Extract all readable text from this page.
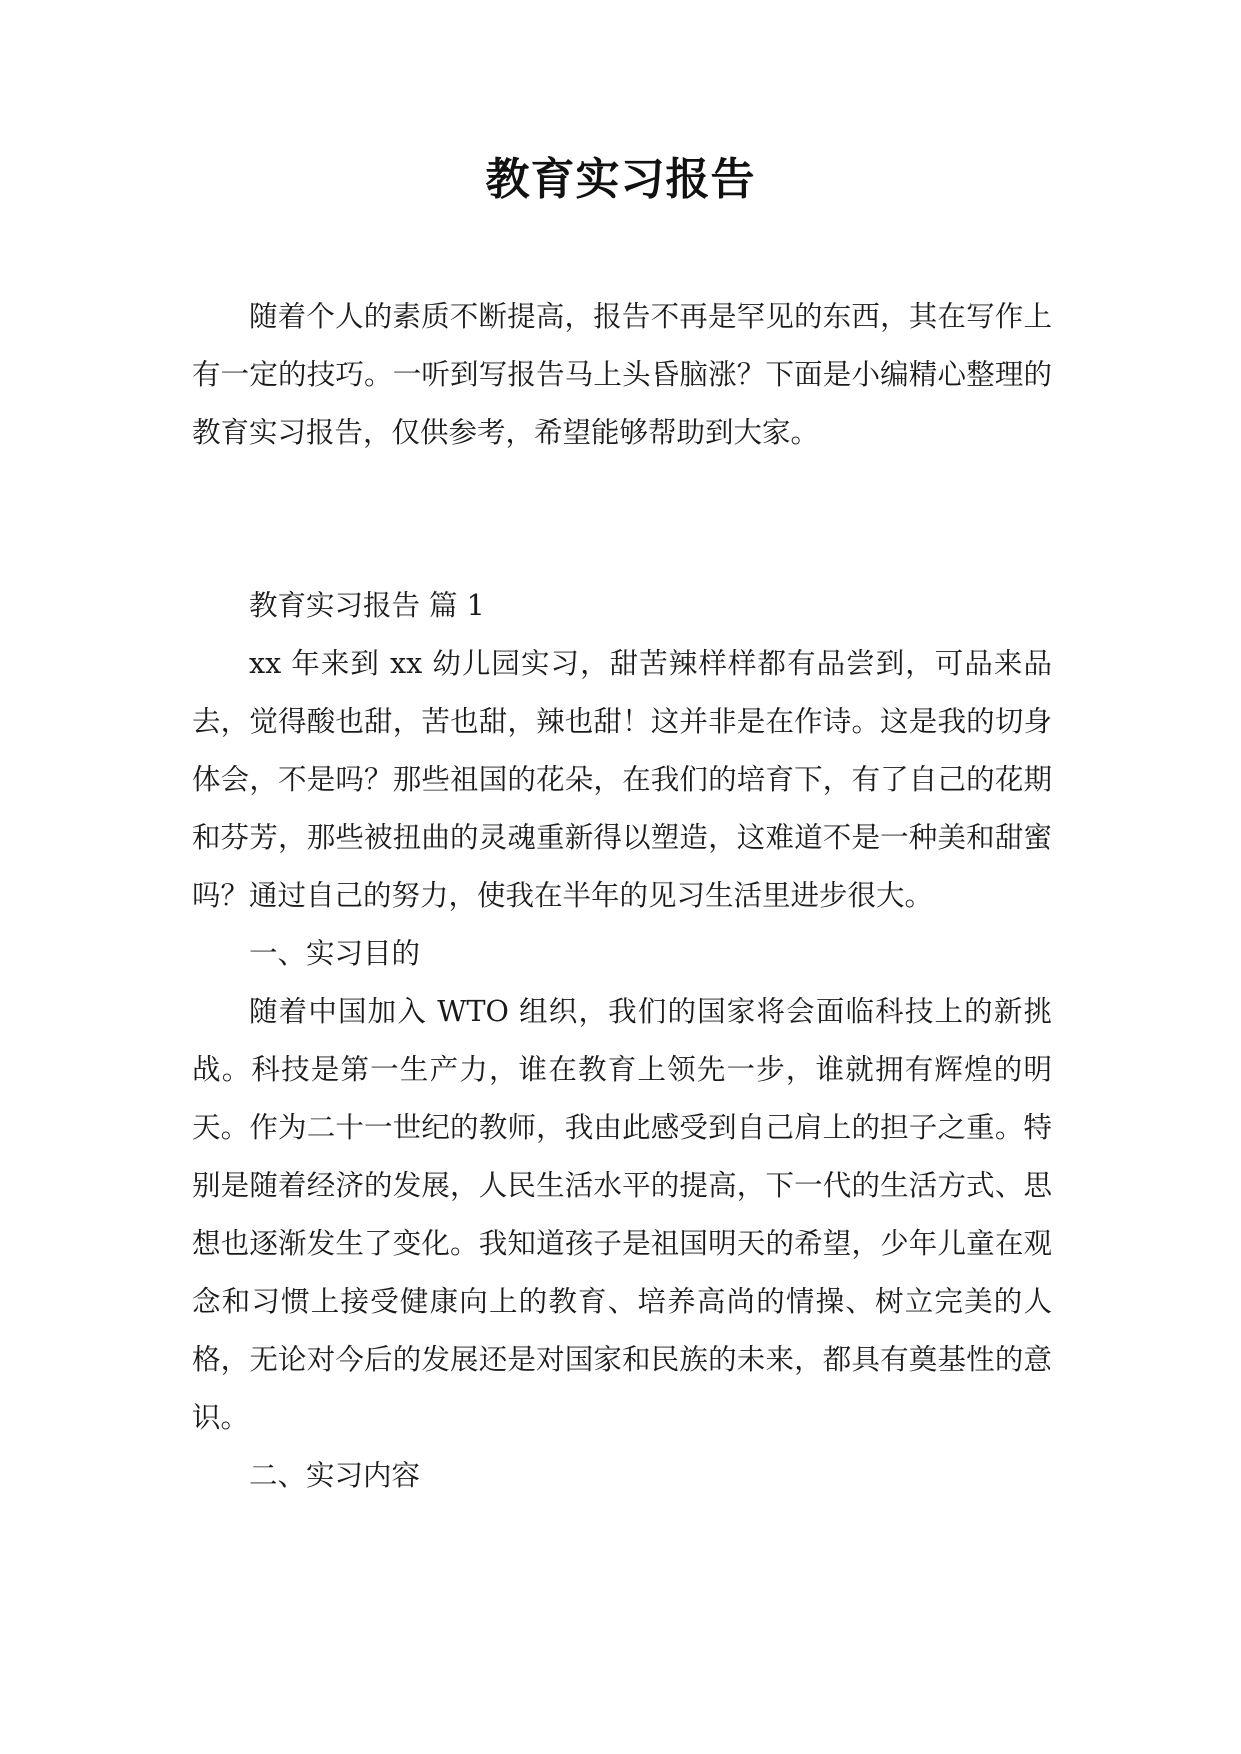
教育实习报告

随着个人的素质不断提高，报告不再是罕见的东西，其在写作上有一定的技巧。一听到写报告马上头昏脑涨？下面是小编精心整理的教育实习报告，仅供参考，希望能够帮助到大家。

教育实习报告 篇 1

xx 年来到 xx 幼儿园实习，甜苦辣样样都有品尝到，可品来品去，觉得酸也甜，苦也甜，辣也甜！这并非是在作诗。这是我的切身体会，不是吗？那些祖国的花朵，在我们的培育下，有了自己的花期和芬芳，那些被扭曲的灵魂重新得以塑造，这难道不是一种美和甜蜜吗？通过自己的努力，使我在半年的见习生活里进步很大。

一、实习目的

随着中国加入 WTO 组织，我们的国家将会面临科技上的新挑战。科技是第一生产力，谁在教育上领先一步，谁就拥有辉煌的明天。作为二十一世纪的教师，我由此感受到自己肩上的担子之重。特别是随着经济的发展，人民生活水平的提高，下一代的生活方式、思想也逐渐发生了变化。我知道孩子是祖国明天的希望，少年儿童在观念和习惯上接受健康向上的教育、培养高尚的情操、树立完美的人格，无论对今后的发展还是对国家和民族的未来，都具有奠基性的意识。

二、实习内容
